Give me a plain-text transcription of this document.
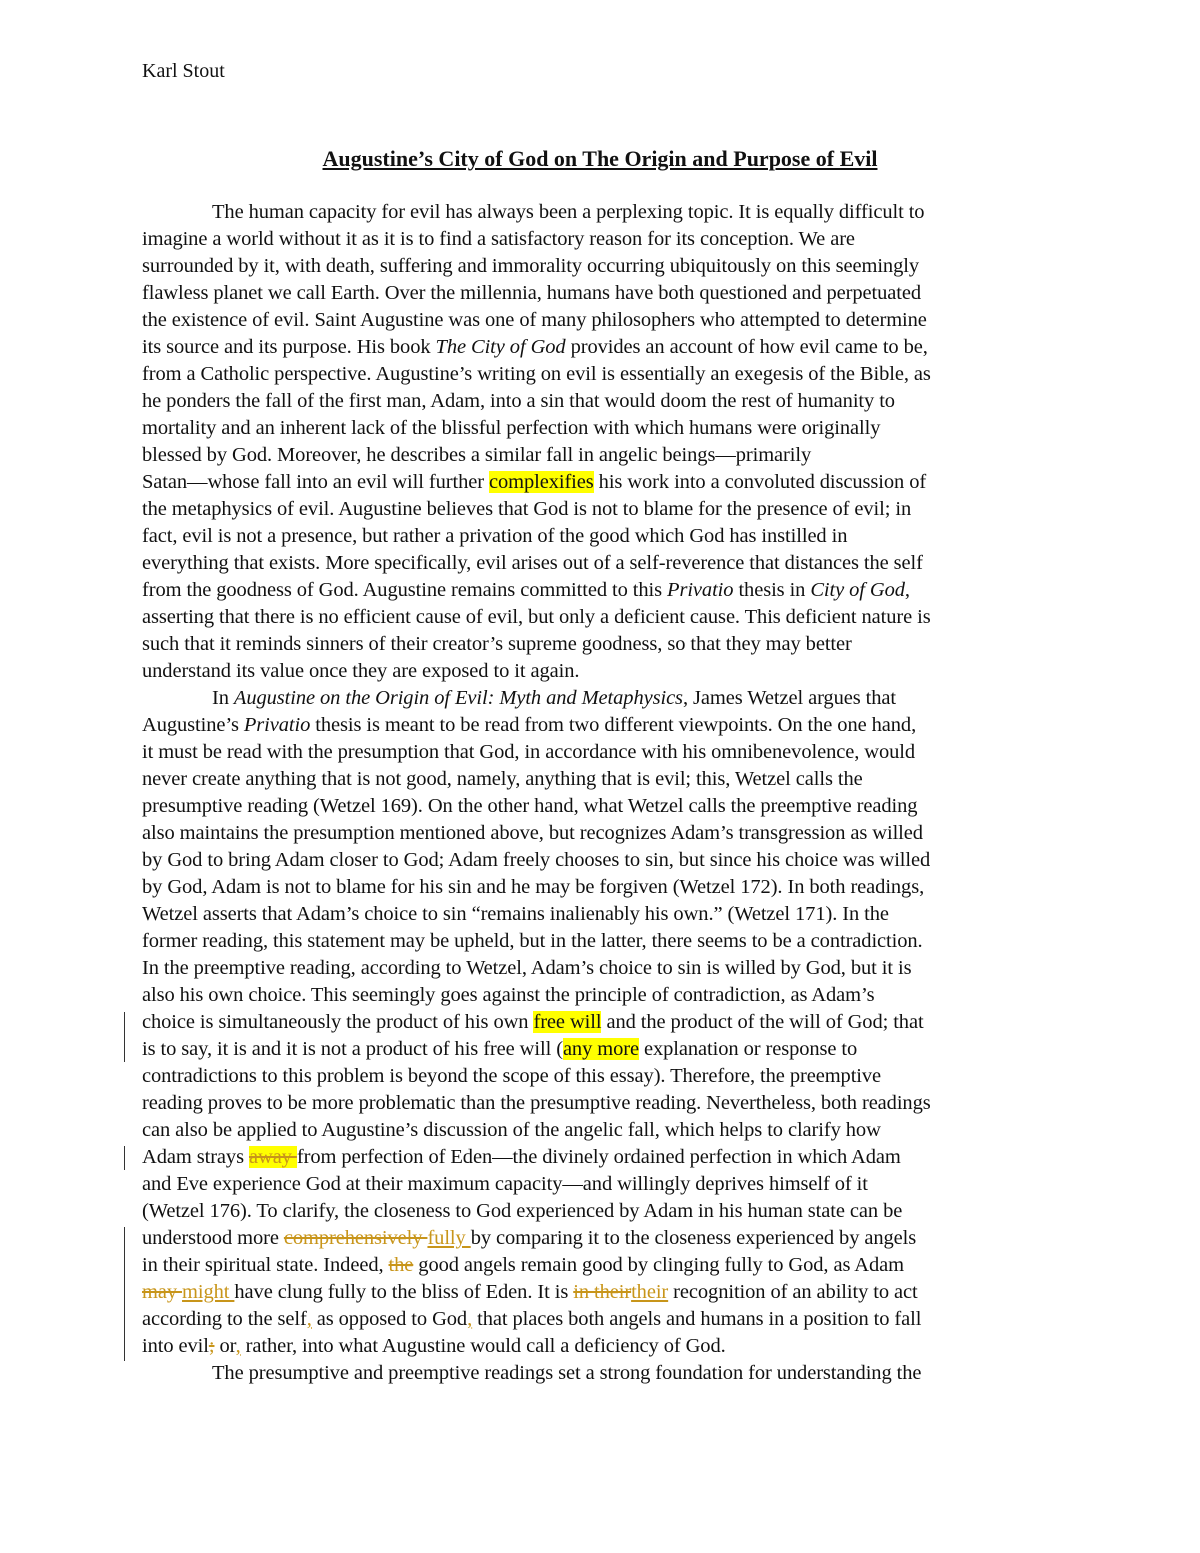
Karl Stout
Augustine’s City of God on The Origin and Purpose of Evil
The human capacity for evil has always been a perplexing topic. It is equally difficult to
imagine a world without it as it is to find a satisfactory reason for its conception. We are
surrounded by it, with death, suffering and immorality occurring ubiquitously on this seemingly
flawless planet we call Earth. Over the millennia, humans have both questioned and perpetuated
the existence of evil. Saint Augustine was one of many philosophers who attempted to determine
its source and its purpose. His book The City of God provides an account of how evil came to be,
from a Catholic perspective. Augustine’s writing on evil is essentially an exegesis of the Bible, as
he ponders the fall of the first man, Adam, into a sin that would doom the rest of humanity to
mortality and an inherent lack of the blissful perfection with which humans were originally
blessed by God. Moreover, he describes a similar fall in angelic beings—primarily
Satan—whose fall into an evil will further complexifies his work into a convoluted discussion of
the metaphysics of evil. Augustine believes that God is not to blame for the presence of evil; in
fact, evil is not a presence, but rather a privation of the good which God has instilled in
everything that exists. More specifically, evil arises out of a self-reverence that distances the self
from the goodness of God. Augustine remains committed to this Privatio thesis in City of God,
asserting that there is no efficient cause of evil, but only a deficient cause. This deficient nature is
such that it reminds sinners of their creator’s supreme goodness, so that they may better
understand its value once they are exposed to it again.
In Augustine on the Origin of Evil: Myth and Metaphysics, James Wetzel argues that
Augustine’s Privatio thesis is meant to be read from two different viewpoints. On the one hand,
it must be read with the presumption that God, in accordance with his omnibenevolence, would
never create anything that is not good, namely, anything that is evil; this, Wetzel calls the
presumptive reading (Wetzel 169). On the other hand, what Wetzel calls the preemptive reading
also maintains the presumption mentioned above, but recognizes Adam’s transgression as willed
by God to bring Adam closer to God; Adam freely chooses to sin, but since his choice was willed
by God, Adam is not to blame for his sin and he may be forgiven (Wetzel 172). In both readings,
Wetzel asserts that Adam’s choice to sin “remains inalienably his own.” (Wetzel 171). In the
former reading, this statement may be upheld, but in the latter, there seems to be a contradiction.
In the preemptive reading, according to Wetzel, Adam’s choice to sin is willed by God, but it is
also his own choice. This seemingly goes against the principle of contradiction, as Adam’s
choice is simultaneously the product of his own free will and the product of the will of God; that
is to say, it is and it is not a product of his free will (any more explanation or response to
contradictions to this problem is beyond the scope of this essay). Therefore, the preemptive
reading proves to be more problematic than the presumptive reading. Nevertheless, both readings
can also be applied to Augustine’s discussion of the angelic fall, which helps to clarify how
Adam strays away from perfection of Eden—the divinely ordained perfection in which Adam
and Eve experience God at their maximum capacity—and willingly deprives himself of it
(Wetzel 176). To clarify, the closeness to God experienced by Adam in his human state can be
understood more comprehensively fully by comparing it to the closeness experienced by angels
in their spiritual state. Indeed, the good angels remain good by clinging fully to God, as Adam
may might have clung fully to the bliss of Eden. It is in theirtheir recognition of an ability to act
according to the self, as opposed to God, that places both angels and humans in a position to fall
into evil; or, rather, into what Augustine would call a deficiency of God.
The presumptive and preemptive readings set a strong foundation for understanding the
